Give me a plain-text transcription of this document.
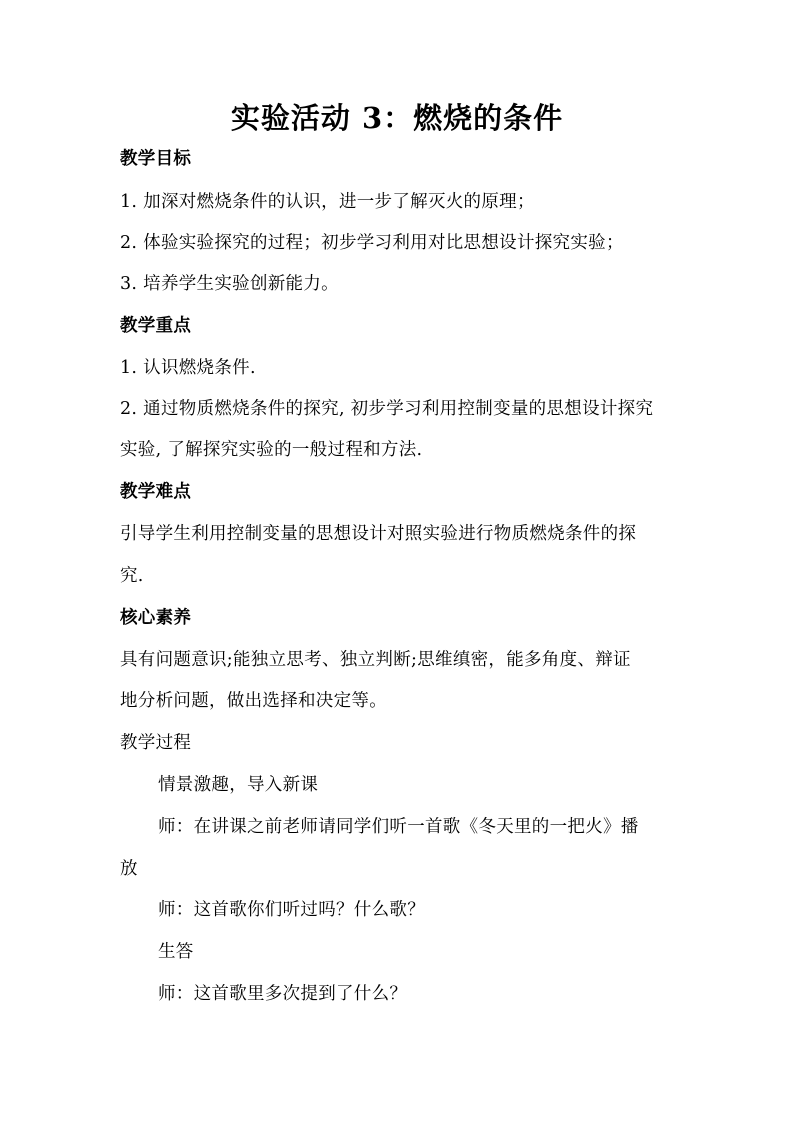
实验活动 3：燃烧的条件
教学目标
1. 加深对燃烧条件的认识，进一步了解灭火的原理；
2. 体验实验探究的过程；初步学习利用对比思想设计探究实验；
3. 培养学生实验创新能力。
教学重点
1. 认识燃烧条件.
2. 通过物质燃烧条件的探究, 初步学习利用控制变量的思想设计探究
实验, 了解探究实验的一般过程和方法.
教学难点
引导学生利用控制变量的思想设计对照实验进行物质燃烧条件的探
究.
核心素养
具有问题意识;能独立思考、独立判断;思维缜密，能多角度、辩证
地分析问题，做出选择和决定等。
教学过程
情景激趣，导入新课
师：在讲课之前老师请同学们听一首歌《冬天里的一把火》播
放
师：这首歌你们听过吗？什么歌？
生答
师：这首歌里多次提到了什么？
